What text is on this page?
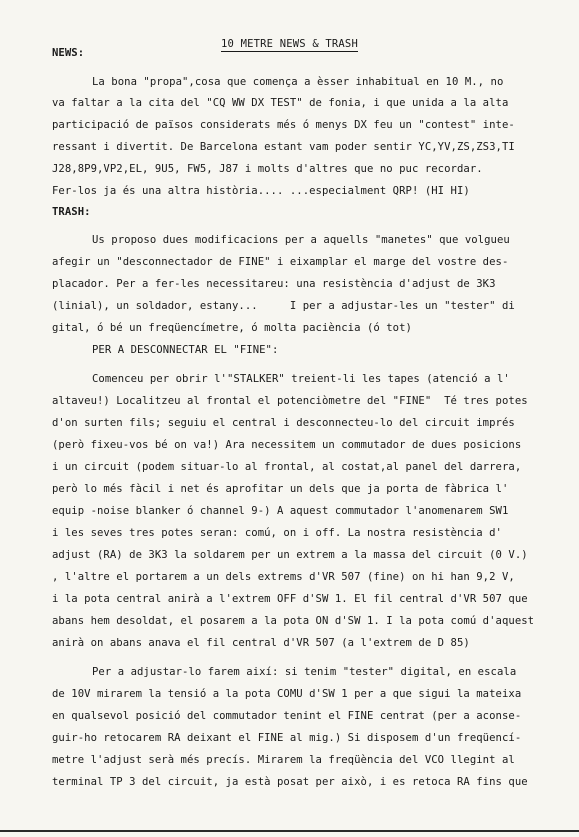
10 METRE NEWS & TRASH
NEWS:
La bona "propa",cosa que comença a èsser inhabitual en 10 M., no
va faltar a la cita del "CQ WW DX TEST" de fonia, i que unida a la alta
participació de països considerats més ó menys DX feu un "contest" inte-
ressant i divertit. De Barcelona estant vam poder sentir YC,YV,ZS,ZS3,TI
J28,8P9,VP2,EL, 9U5, FW5, J87 i molts d'altres que no puc recordar.
Fer-los ja és una altra història.... ...especialment QRP! (HI HI)
TRASH:
Us proposo dues modificacions per a aquells "manetes" que volgueu
afegir un "desconnectador de FINE" i eixamplar el marge del vostre des-
placador. Per a fer-les necessitareu: una resistència d'adjust de 3K3
(linial), un soldador, estany...     I per a adjustar-les un "tester" di
gital, ó bé un freqüencímetre, ó molta paciència (ó tot)
PER A DESCONNECTAR EL "FINE":
Comenceu per obrir l'"STALKER" treient-li les tapes (atenció a l'
altaveu!) Localitzeu al frontal el potenciòmetre del "FINE"  Té tres potes
d'on surten fils; seguiu el central i desconnecteu-lo del circuit imprés
(però fixeu-vos bé on va!) Ara necessitem un commutador de dues posicions
i un circuit (podem situar-lo al frontal, al costat,al panel del darrera,
però lo més fàcil i net és aprofitar un dels que ja porta de fàbrica l'
equip -noise blanker ó channel 9-) A aquest commutador l'anomenarem SW1
i les seves tres potes seran: comú, on i off. La nostra resistència d'
adjust (RA) de 3K3 la soldarem per un extrem a la massa del circuit (0 V.)
, l'altre el portarem a un dels extrems d'VR 507 (fine) on hi han 9,2 V,
i la pota central anirà a l'extrem OFF d'SW 1. El fil central d'VR 507 que
abans hem desoldat, el posarem a la pota ON d'SW 1. I la pota comú d'aquest
anirà on abans anava el fil central d'VR 507 (a l'extrem de D 85)
Per a adjustar-lo farem així: si tenim "tester" digital, en escala
de 10V mirarem la tensió a la pota COMU d'SW 1 per a que sigui la mateixa
en qualsevol posició del commutador tenint el FINE centrat (per a aconse-
guir-ho retocarem RA deixant el FINE al mig.) Si disposem d'un freqüencí-
metre l'adjust serà més precís. Mirarem la freqüència del VCO llegint al
terminal TP 3 del circuit, ja està posat per això, i es retoca RA fins que
